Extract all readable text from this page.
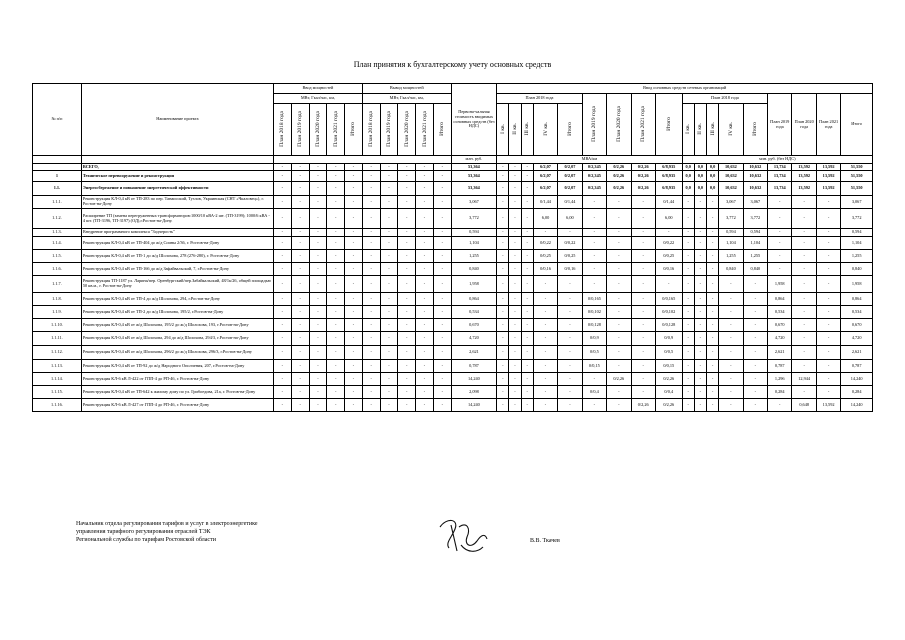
План принятия к бухгалтерскому учету основных средств
№ п/п	Наименование проекта	Ввод мощностей					Вывод мощностей					Первона-чальная стоимость вводимых основных средств (без НДС)	Ввод основных средств сетевых организаций																	
		МВт, Гкал/час, км,					МВт, Гкал/час, км,						План 2018 года					План 2019 года	План 2020 года	План 2021 года	Итого	План 2018 года					План 2019 года	План 2020 года	План 2021 года	Итого
		План 2018 года	План 2019 года	План 2020 года	План 2021 года	Итого	План 2018 года	План 2019 года	План 2020 года	План 2021 года	Итого		I кв.	II кв.	III кв.	IV кв.	Итого					I кв.	II кв.	III кв.	IV кв.	Итого				
												млн. руб.	МВА/км									млн. руб. (без НДС)								
	ВСЕГО,	-	-	-	-	-	-	-	-	-	-	53,364	-	-	-	6/2,07	0/2,07	0/2,345	0/2,26	0/2,26	6/8,935	0,0	0,0	0,0	10,632	10,632	13,734	13,592	13,592	51,550
1	Техническое перевооружение и реконструкция	-	-	-	-	-	-	-	-	-	-	53,364	-	-	-	6/2,07	0/2,07	0/2,345	0/2,26	0/2,26	6/8,935	0,0	0,0	0,0	10,632	10,632	13,734	13,592	13,592	51,550
1.1.	Энергосбережение и повышение энергетической эффективности	-	-	-	-	-	-	-	-	-	-	53,364	-	-	-	6/2,07	0/2,07	0/2,345	0/2,26	0/2,26	6/8,935	0,0	0,0	0,0	10,632	10,632	13,734	13,592	13,592	51,550
1.1.1.	Реконструкция КЛ-0,4 кВ от ТП-283 по пер. Танаисский, Тузлов, Украинская (СНТ «Чкаловец»), г. Ростов-на-Дону	-	-	-	-	-	-	-	-	-	-	3,067	-	-	-	0/1,44	0/1,44	-	-	-	0/1,44	-	-	-	3,067	3,067	-	-	-	3,067
1.1.2.	Расширение ТП (замена перегруженных трансформаторов:1000/10 кВА-2 шт. (ТП-3199); 1000/6 кВА - 4 шт. (ТП-3196, ТП-3197) (ОД),г.Ростов-на-Дону.	-	-	-	-	-	-	-	-	-	-	3,772	-	-	-	6,00	6,00	-	-	-	6,00	-	-	-	3,772	3,772	-	-	-	3,772
1.1.3.	Внедрение программного комплекса "Зодчерость"	-	-	-	-	-	-	-	-	-	-	0,594	-	-	-	-	-	-	-	-	-	-	-	-	0,594	0,594	-	-	-	0,594
1.1.4.	Реконструкция КЛ-0,4 кВ от ТП-404 до ж/д Соины 2/36, г. Ростов-на-Дону	-	-	-	-	-	-	-	-	-	-	1,104	-	-	-	0/0,22	0/0,22	-	-	-	0/0,22	-	-	-	1,104	1,104	-	-	-	1,104
1.1.5.	Реконструкция КЛ-0,4 кВ от ТП-1 до ж/д Шолохова, 278 (276-280), г. Ростов-на-Дону	-	-	-	-	-	-	-	-	-	-	1,255	-	-	-	0/0,25	0/0,25	-	-	-	0/0,25	-	-	-	1,255	1,255	-	-	-	1,255
1.1.6.	Реконструкция КЛ-0,4 кВ от ТП-166 до ж/д Зафайвальский, 7, г.Ростов-на-Дону	-	-	-	-	-	-	-	-	-	-	0,840	-	-	-	0/0,16	0/0,16	-	-	-	0/0,16	-	-	-	0,840	0,840	-	-	-	0,840
1.1.7.	Реконструкция ТП-1187 ул. Ларина/пер. Оренбургский/пер.Забайкальский, 48/1к/26, общей площадью 50 кв.м., г. Ростов-на-Дону	-	-	-	-	-	-	-	-	-	-	1,958	-	-	-	-	-	-	-	-	-	-	-	-	-	-	1,958	-	-	1,958
1.1.8.	Реконструкция КЛ-0,4 кВ от ТП-4 до ж/д Шолохова, 294, г.Ростов-на-Дону	-	-	-	-	-	-	-	-	-	-	0,864	-	-	-	-	-	0/0,165	-	-	0/0,165	-	-	-	-	-	0,864	-	-	0,864
1.1.9.	Реконструкция КЛ-0,4 кВ от ТП-2 до ж/д Шолохова, 195/2, г.Ростов-на-Дону	-	-	-	-	-	-	-	-	-	-	0,534	-	-	-	-	-	0/0,102	-	-	0/0,102	-	-	-	-	-	0,534	-	-	0,534
1.1.10.	Реконструкция КЛ-0,4 кВ от ж/д Шолохова, 195/2 до ж/д Шолохова, 193, г.Ростов-на-Дону	-	-	-	-	-	-	-	-	-	-	0,670	-	-	-	-	-	0/0,128	-	-	0/0,128	-	-	-	-	-	0,670	-	-	0,670
1.1.11.	Реконструкция КЛ-0,4 кВ от ж/д Шолохова, 294 до ж/д Шолохова, 294/3, г.Ростов-на-Дону	-	-	-	-	-	-	-	-	-	-	4,720	-	-	-	-	-	0/0,9	-	-	0/0,9	-	-	-	-	-	4,720	-	-	4,720
1.1.12.	Реконструкция КЛ-0,4 кВ от ж/д Шолохова, 296/2 до ж/д Шолохова, 296/3, г.Ростов-на-Дону	-	-	-	-	-	-	-	-	-	-	2,621	-	-	-	-	-	0/0,5	-	-	0/0,5	-	-	-	-	-	2,621	-	-	2,621
1.1.13.	Реконструкция КЛ-0,4 кВ от ТП-92 до ж/д Народного Ополчения, 207, г.Ростов-на-Дону	-	-	-	-	-	-	-	-	-	-	0,787	-	-	-	-	-	0/0,15	-	-	0/0,15	-	-	-	-	-	0,787	-	-	0,787
1.1.14.	Реконструкция КЛ-6 кВ Л-422 от ГПП-4 до РП-46, г. Ростов-на-Дону	-	-	-	-	-	-	-	-	-	-	14,240	-	-	-	-	-	-	0/2,26	-	0/2,26	-	-	-	-	-	1,296	12,944	-	14,240
1.1.15.	Реконструкция КЛ-0,4 кВ от ТП-642 к жилому дому по ул. Грибоедова, 21а, г. Ростов-на-Дону	-	-	-	-	-	-	-	-	-	-	2,098	-	-	-	-	-	0/0,4	-	-	0/0,4	-	-	-	-	-	0,284	-	-	0,284
1.1.16.	Реконструкция КЛ-6 кВ Л-427 от ГПП-4 до РП-46, г. Ростов-на-Дону	-	-	-	-	-	-	-	-	-	-	14,240	-	-	-	-	-	-	-	0/2,26	0/2,26	-	-	-	-	-	-	0,648	13,592	14,240
Начальник отдела регулирования тарифов и услуг в электроэнергетике
управления тарифного регулирования отраслей ТЭК
Региональной службы по тарифам Ростовской области	В.В. Ткачев
